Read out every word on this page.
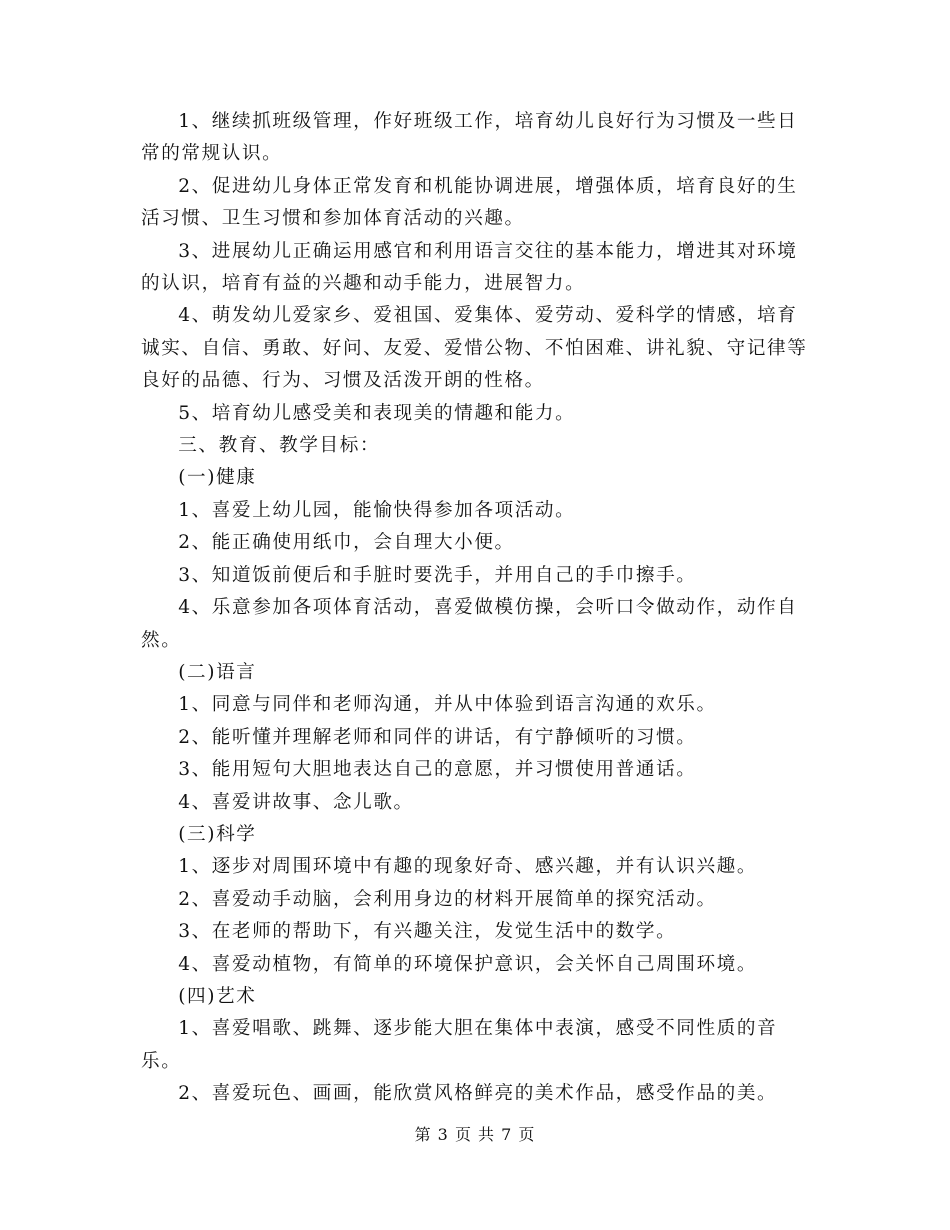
1、继续抓班级管理，作好班级工作，培育幼儿良好行为习惯及一些日常的常规认识。

2、促进幼儿身体正常发育和机能协调进展，增强体质，培育良好的生活习惯、卫生习惯和参加体育活动的兴趣。

3、进展幼儿正确运用感官和利用语言交往的基本能力，增进其对环境的认识，培育有益的兴趣和动手能力，进展智力。

4、萌发幼儿爱家乡、爱祖国、爱集体、爱劳动、爱科学的情感，培育诚实、自信、勇敢、好问、友爱、爱惜公物、不怕困难、讲礼貌、守记律等良好的品德、行为、习惯及活泼开朗的性格。

5、培育幼儿感受美和表现美的情趣和能力。

三、教育、教学目标：

(一)健康

1、喜爱上幼儿园，能愉快得参加各项活动。

2、能正确使用纸巾，会自理大小便。

3、知道饭前便后和手脏时要洗手，并用自己的手巾擦手。

4、乐意参加各项体育活动，喜爱做模仿操，会听口令做动作，动作自然。

(二)语言

1、同意与同伴和老师沟通，并从中体验到语言沟通的欢乐。

2、能听懂并理解老师和同伴的讲话，有宁静倾听的习惯。

3、能用短句大胆地表达自己的意愿，并习惯使用普通话。

4、喜爱讲故事、念儿歌。

(三)科学

1、逐步对周围环境中有趣的现象好奇、感兴趣，并有认识兴趣。

2、喜爱动手动脑，会利用身边的材料开展简单的探究活动。

3、在老师的帮助下，有兴趣关注，发觉生活中的数学。

4、喜爱动植物，有简单的环境保护意识，会关怀自己周围环境。

(四)艺术

1、喜爱唱歌、跳舞、逐步能大胆在集体中表演，感受不同性质的音乐。

2、喜爱玩色、画画，能欣赏风格鲜亮的美术作品，感受作品的美。

第 3 页 共 7 页
